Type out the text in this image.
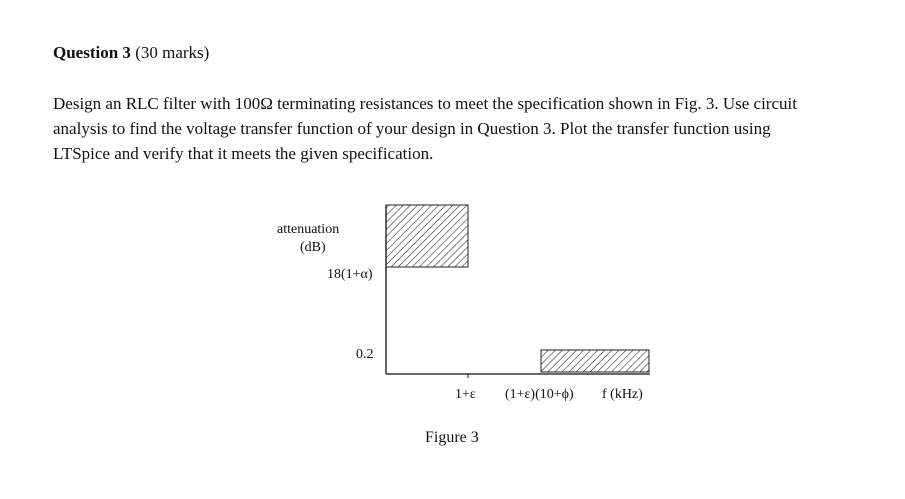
Question 3 (30 marks)
Design an RLC filter with 100Ω terminating resistances to meet the specification shown in Fig. 3. Use circuit
analysis to find the voltage transfer function of your design in Question 3. Plot the transfer function using
LTSpice and verify that it meets the given specification.
attenuation
(dB)
18(1+α)
0.2
1+ε (1+ε)(10+ϕ) f (kHz)
Figure 3
